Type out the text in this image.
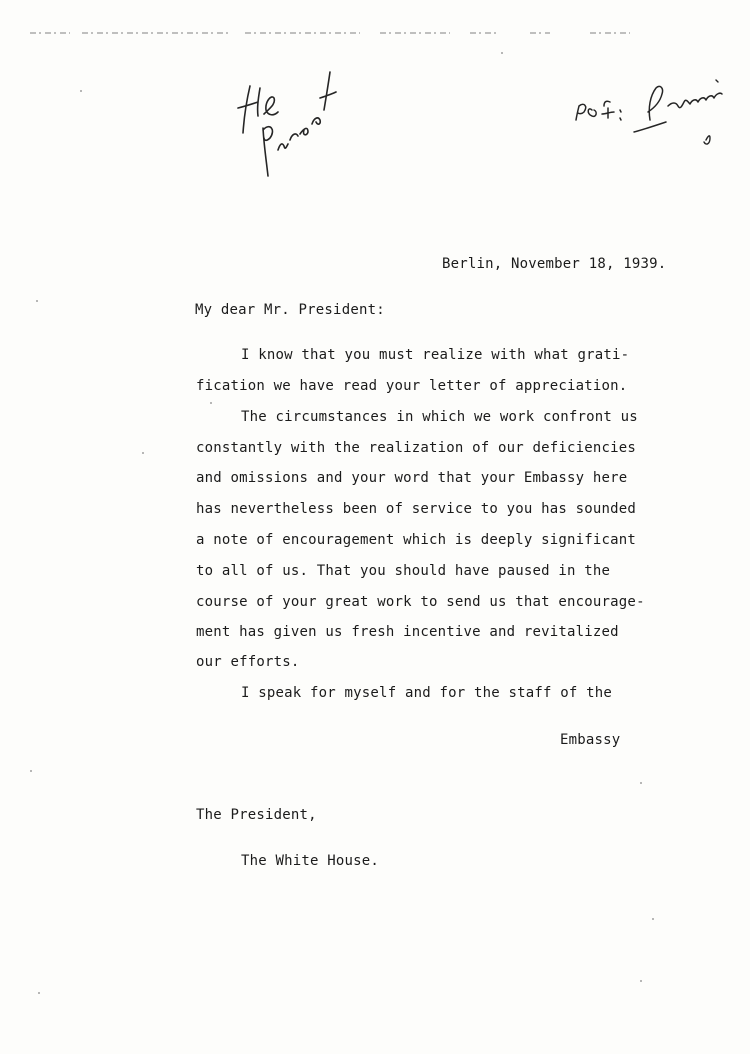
Berlin, November 18, 1939.
My dear Mr. President:
I know that you must realize with what grati-
fication we have read your letter of appreciation.
The circumstances in which we work confront us
constantly with the realization of our deficiencies
and omissions and your word that your Embassy here
has nevertheless been of service to you has sounded
a note of encouragement which is deeply significant
to all of us. That you should have paused in the
course of your great work to send us that encourage-
ment has given us fresh incentive and revitalized
our efforts.
I speak for myself and for the staff of the
Embassy
The President,
The White House.
